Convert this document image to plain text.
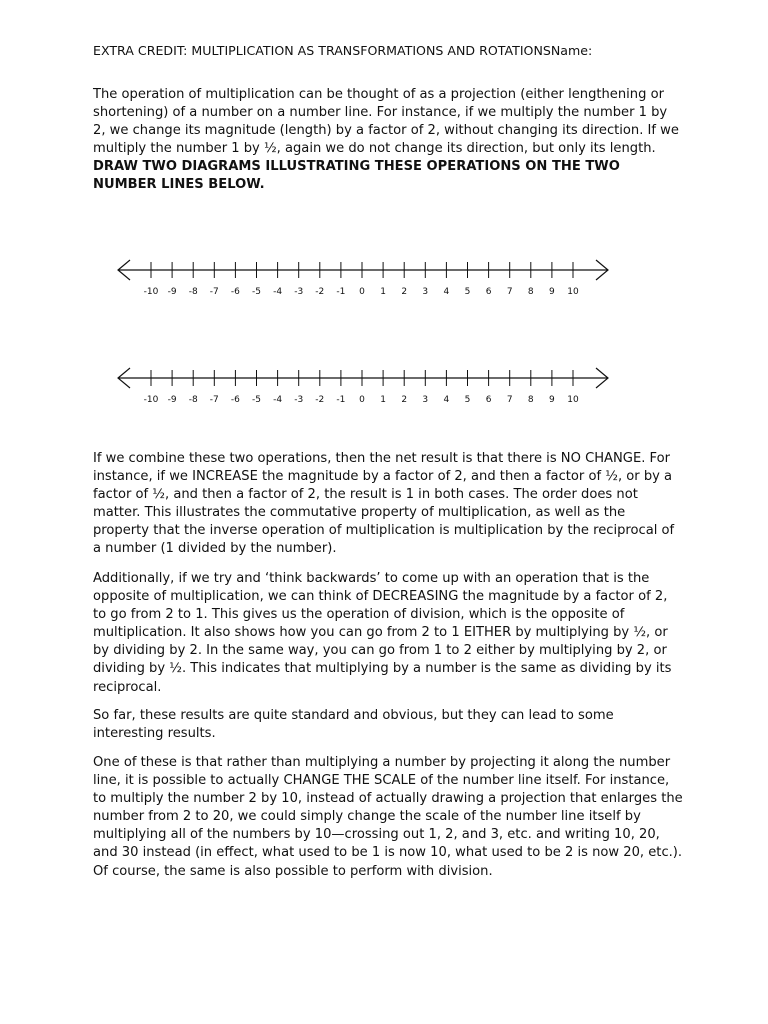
EXTRA CREDIT: MULTIPLICATION AS TRANSFORMATIONS AND ROTATIONSName:

The operation of multiplication can be thought of as a projection (either lengthening or shortening) of a number on a number line. For instance, if we multiply the number 1 by 2, we change its magnitude (length) by a factor of 2, without changing its direction. If we multiply the number 1 by ½, again we do not change its direction, but only its length. DRAW TWO DIAGRAMS ILLUSTRATING THESE OPERATIONS ON THE TWO NUMBER LINES BELOW.

-10 -9 -8 -7 -6 -5 -4 -3 -2 -1 0 1 2 3 4 5 6 7 8 9 10
-10 -9 -8 -7 -6 -5 -4 -3 -2 -1 0 1 2 3 4 5 6 7 8 9 10

If we combine these two operations, then the net result is that there is NO CHANGE. For instance, if we INCREASE the magnitude by a factor of 2, and then a factor of ½, or by a factor of ½, and then a factor of 2, the result is 1 in both cases. The order does not matter. This illustrates the commutative property of multiplication, as well as the property that the inverse operation of multiplication is multiplication by the reciprocal of a number (1 divided by the number).

Additionally, if we try and ‘think backwards’ to come up with an operation that is the opposite of multiplication, we can think of DECREASING the magnitude by a factor of 2, to go from 2 to 1. This gives us the operation of division, which is the opposite of multiplication. It also shows how you can go from 2 to 1 EITHER by multiplying by ½, or by dividing by 2. In the same way, you can go from 1 to 2 either by multiplying by 2, or dividing by ½. This indicates that multiplying by a number is the same as dividing by its reciprocal.

So far, these results are quite standard and obvious, but they can lead to some interesting results.

One of these is that rather than multiplying a number by projecting it along the number line, it is possible to actually CHANGE THE SCALE of the number line itself. For instance, to multiply the number 2 by 10, instead of actually drawing a projection that enlarges the number from 2 to 20, we could simply change the scale of the number line itself by multiplying all of the numbers by 10—crossing out 1, 2, and 3, etc. and writing 10, 20, and 30 instead (in effect, what used to be 1 is now 10, what used to be 2 is now 20, etc.). Of course, the same is also possible to perform with division.
